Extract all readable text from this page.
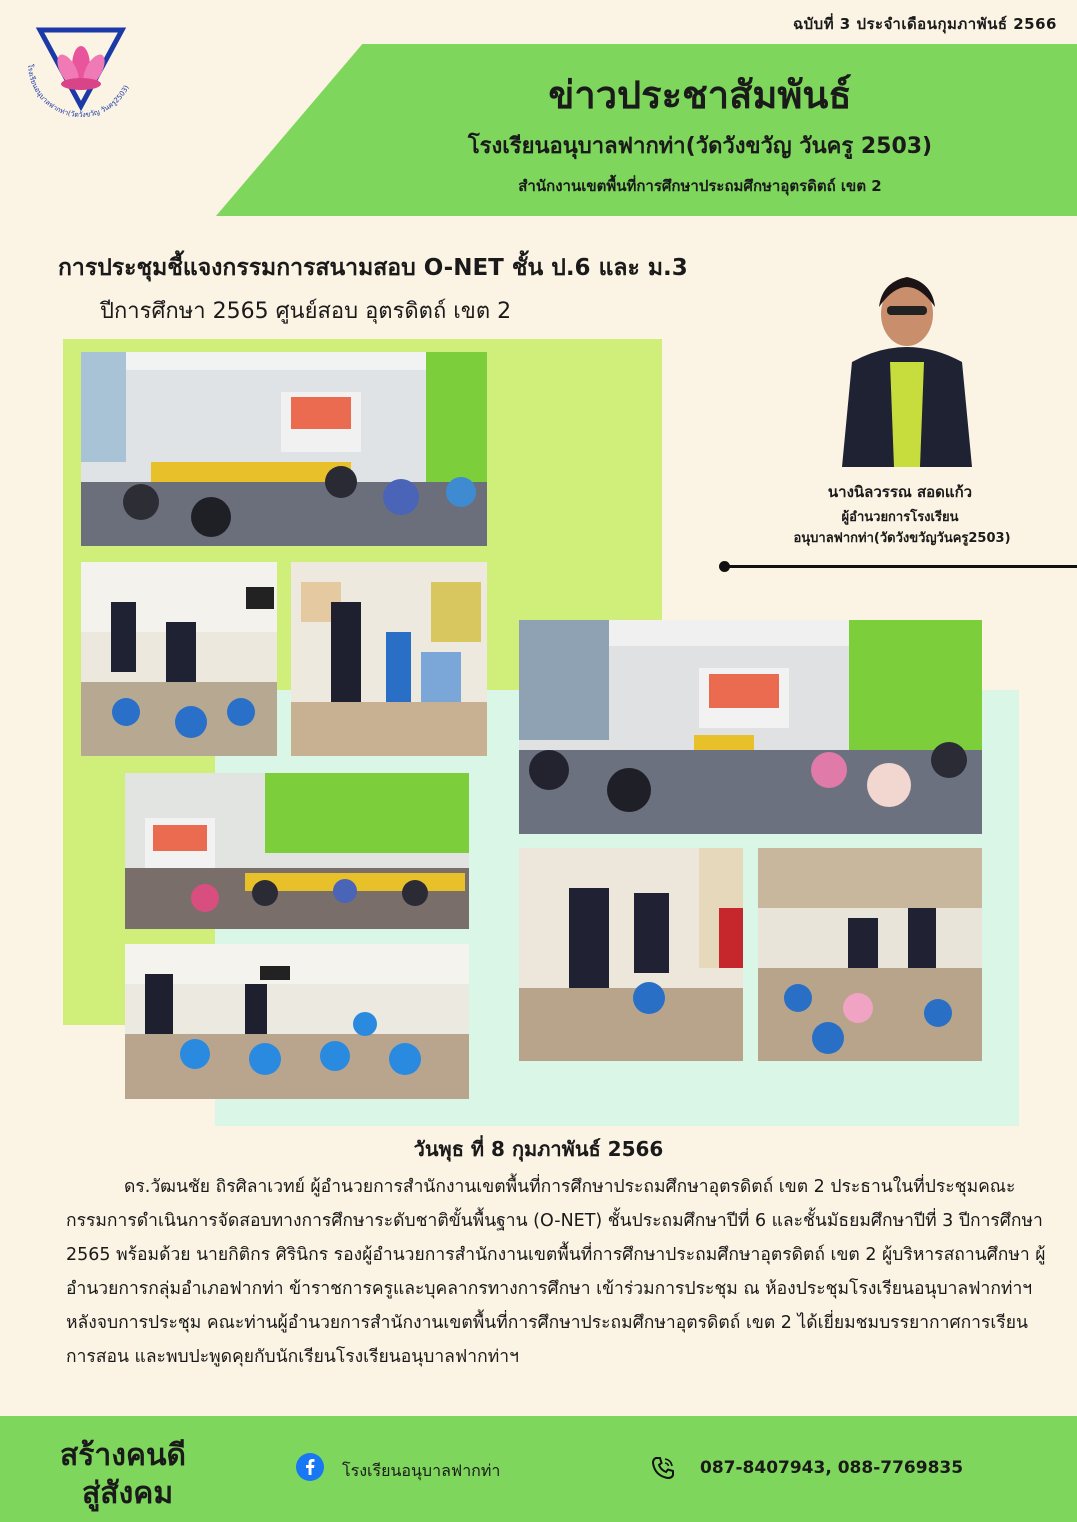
ฉบับที่ 3 ประจำเดือนกุมภาพันธ์ 2566
ข่าวประชาสัมพันธ์
โรงเรียนอนุบาลฟากท่า(วัดวังขวัญ วันครู 2503)
สำนักงานเขตพื้นที่การศึกษาประถมศึกษาอุตรดิตถ์ เขต 2
โรงเรียนอนุบาลฟากท่า(วัดวังขวัญ วันครู2503)
การประชุมชี้แจงกรรมการสนามสอบ O-NET ชั้น ป.6 และ ม.3
ปีการศึกษา 2565 ศูนย์สอบ อุตรดิตถ์ เขต 2
นางนิลวรรณ สอดแก้ว
ผู้อำนวยการโรงเรียน
อนุบาลฟากท่า(วัดวังขวัญวันครู2503)
วันพุธ ที่ 8 กุมภาพันธ์ 2566
ดร.วัฒนชัย ถิรศิลาเวทย์ ผู้อำนวยการสำนักงานเขตพื้นที่การศึกษาประถมศึกษาอุตรดิตถ์ เขต 2 ประธานในที่ประชุมคณะกรรมการดำเนินการจัดสอบทางการศึกษาระดับชาติขั้นพื้นฐาน (O-NET) ชั้นประถมศึกษาปีที่ 6 และชั้นมัธยมศึกษาปีที่ 3 ปีการศึกษา 2565 พร้อมด้วย นายกิติกร ศิรินิกร รองผู้อำนวยการสำนักงานเขตพื้นที่การศึกษาประถมศึกษาอุตรดิตถ์ เขต 2 ผู้บริหารสถานศึกษา ผู้อำนวยการกลุ่มอำเภอฟากท่า ข้าราชการครูและบุคลากรทางการศึกษา เข้าร่วมการประชุม ณ ห้องประชุมโรงเรียนอนุบาลฟากท่าฯ หลังจบการประชุม คณะท่านผู้อำนวยการสำนักงานเขตพื้นที่การศึกษาประถมศึกษาอุตรดิตถ์ เขต 2 ได้เยี่ยมชมบรรยากาศการเรียนการสอน และพบปะพูดคุยกับนักเรียนโรงเรียนอนุบาลฟากท่าฯ
สร้างคนดี
สู่สังคม
โรงเรียนอนุบาลฟากท่า	087-8407943, 088-7769835
